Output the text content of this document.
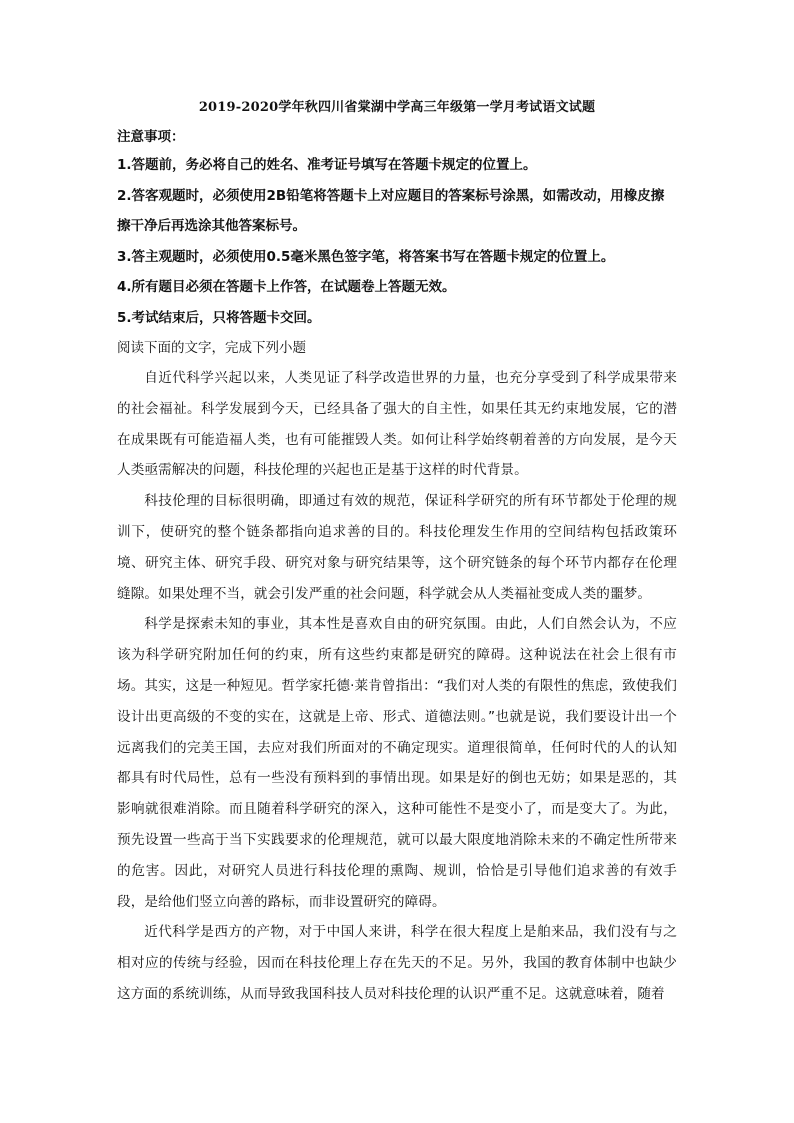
2019-2020学年秋四川省棠湖中学高三年级第一学月考试语文试题

注意事项：

1.答题前，务必将自己的姓名、准考证号填写在答题卡规定的位置上。

2.答客观题时，必须使用2B铅笔将答题卡上对应题目的答案标号涂黑，如需改动，用橡皮擦擦干净后再选涂其他答案标号。

3.答主观题时，必须使用0.5毫米黑色签字笔，将答案书写在答题卡规定的位置上。

4.所有题目必须在答题卡上作答，在试题卷上答题无效。

5.考试结束后，只将答题卡交回。

阅读下面的文字，完成下列小题

自近代科学兴起以来，人类见证了科学改造世界的力量，也充分享受到了科学成果带来的社会福祉。科学发展到今天，已经具备了强大的自主性，如果任其无约束地发展，它的潜在成果既有可能造福人类，也有可能摧毁人类。如何让科学始终朝着善的方向发展，是今天人类亟需解决的问题，科技伦理的兴起也正是基于这样的时代背景。

科技伦理的目标很明确，即通过有效的规范，保证科学研究的所有环节都处于伦理的规训下，使研究的整个链条都指向追求善的目的。科技伦理发生作用的空间结构包括政策环境、研究主体、研究手段、研究对象与研究结果等，这个研究链条的每个环节内都存在伦理缝隙。如果处理不当，就会引发严重的社会问题，科学就会从人类福祉变成人类的噩梦。

科学是探索未知的事业，其本性是喜欢自由的研究氛围。由此，人们自然会认为，不应该为科学研究附加任何的约束，所有这些约束都是研究的障碍。这种说法在社会上很有市场。其实，这是一种短见。哲学家托德·莱肯曾指出：“我们对人类的有限性的焦虑，致使我们设计出更高级的不变的实在，这就是上帝、形式、道德法则。”也就是说，我们要设计出一个远离我们的完美王国，去应对我们所面对的不确定现实。道理很简单，任何时代的人的认知都具有时代局性，总有一些没有预料到的事情出现。如果是好的倒也无妨；如果是恶的，其影响就很难消除。而且随着科学研究的深入，这种可能性不是变小了，而是变大了。为此，预先设置一些高于当下实践要求的伦理规范，就可以最大限度地消除未来的不确定性所带来的危害。因此，对研究人员进行科技伦理的熏陶、规训，恰恰是引导他们追求善的有效手段，是给他们竖立向善的路标，而非设置研究的障碍。

近代科学是西方的产物，对于中国人来讲，科学在很大程度上是舶来品，我们没有与之相对应的传统与经验，因而在科技伦理上存在先天的不足。另外，我国的教育体制中也缺少这方面的系统训练，从而导致我国科技人员对科技伦理的认识严重不足。这就意味着，随着
